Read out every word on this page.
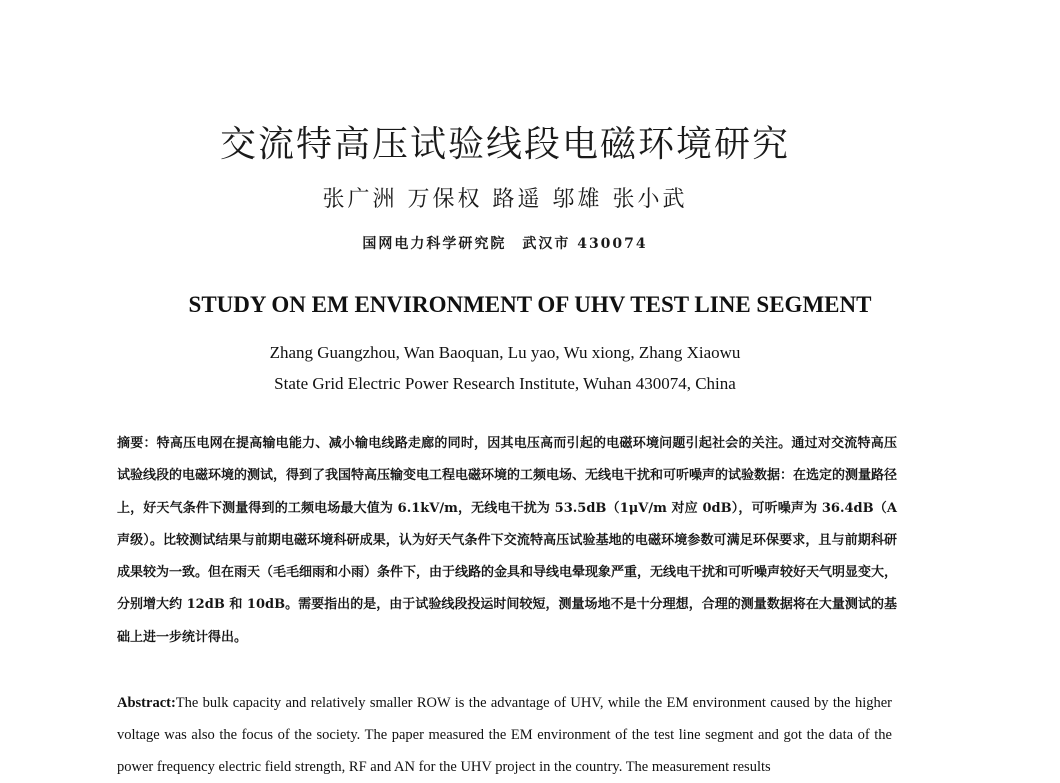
交流特高压试验线段电磁环境研究
张广洲 万保权 路遥 邬雄 张小武
国网电力科学研究院　武汉市 430074
STUDY ON EM ENVIRONMENT OF UHV TEST LINE SEGMENT
Zhang Guangzhou, Wan Baoquan, Lu yao, Wu xiong, Zhang Xiaowu
State Grid Electric Power Research Institute, Wuhan 430074, China
摘要：特高压电网在提高输电能力、减小输电线路走廊的同时，因其电压高而引起的电磁环境问题引起社会的关注。通过对交流特高压试验线段的电磁环境的测试，得到了我国特高压输变电工程电磁环境的工频电场、无线电干扰和可听噪声的试验数据：在选定的测量路径上，好天气条件下测量得到的工频电场最大值为 6.1kV/m，无线电干扰为 53.5dB（1μV/m 对应 0dB），可听噪声为 36.4dB（A 声级）。比较测试结果与前期电磁环境科研成果，认为好天气条件下交流特高压试验基地的电磁环境参数可满足环保要求，且与前期科研成果较为一致。但在雨天（毛毛细雨和小雨）条件下，由于线路的金具和导线电晕现象严重，无线电干扰和可听噪声较好天气明显变大，分别增大约 12dB 和 10dB。需要指出的是，由于试验线段投运时间较短，测量场地不是十分理想，合理的测量数据将在大量测试的基础上进一步统计得出。
Abstract:The bulk capacity and relatively smaller ROW is the advantage of UHV, while the EM environment caused by the higher voltage was also the focus of the society. The paper measured the EM environment of the test line segment and got the data of the power frequency electric field strength, RF and AN for the UHV project in the country. The measurement results
